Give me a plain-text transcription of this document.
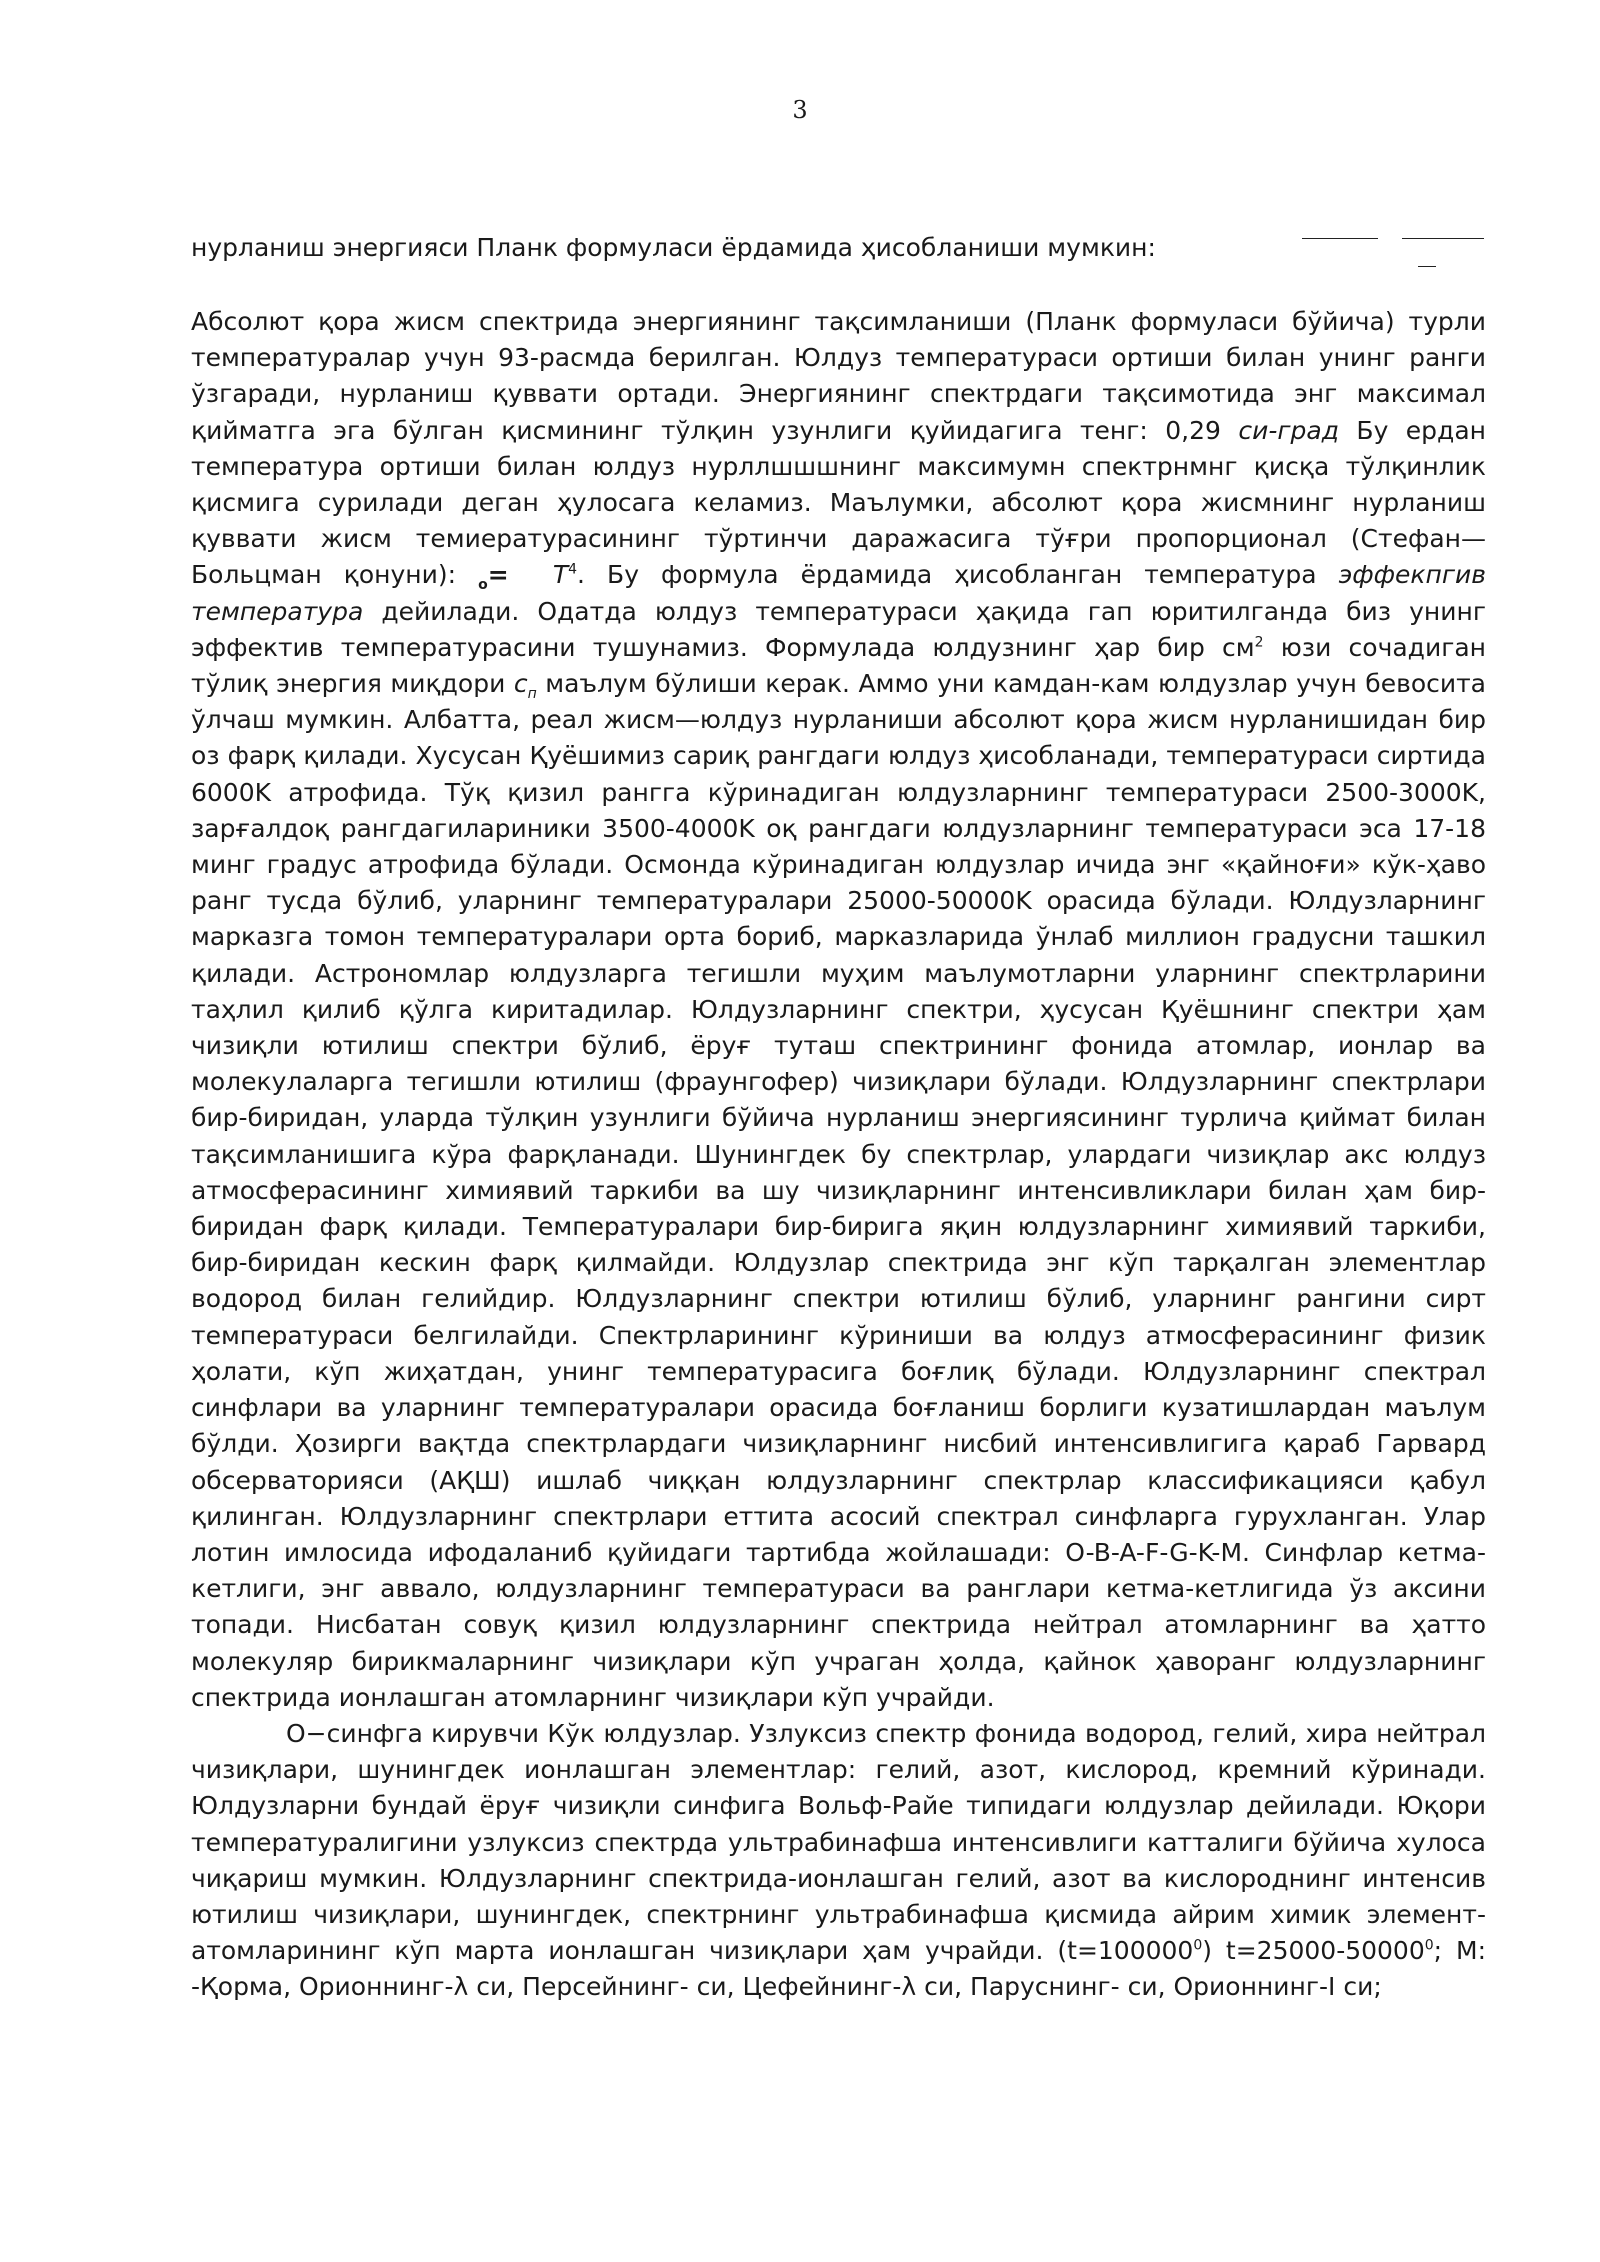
3
нурланиш энергияси Планк формуласи ёрдамида ҳисобланиши мумкин:

Абсолют қора жисм спектрида энергиянинг тақсимланиши (Планк формуласи бўйича) турли температуралар учун 93-расмда берилган. Юлдуз температураси ортиши билан унинг ранги ўзгаради, нурланиш қуввати ортади. Энергиянинг спектрдаги тақсимотида энг максимал қийматга эга бўлган қисмининг тўлқин узунлиги қуйидагига тенг: 0,29 си-град Бу ердан температура ортиши билан юлдуз нурллшшшнинг максимумн спектрнмнг қисқа тўлқинлик қисмига сурилади деган ҳулосага келамиз. Маълумки, абсолют қора жисмнинг нурланиш қуввати жисм темиературасининг тўртинчи даражасига тўғри пропорционал (Стефан—Больцман қонуни): $_о= T^4$. Бу формула ёрдамида ҳисобланган температура эффекпгив температура дейилади. Одатда юлдуз температураси ҳақида гап юритилганда биз унинг эффектив температурасини тушунамиз. Формулада юлдузнинг ҳар бир $см^2$ юзи сочадиган тўлиқ энергия миқдори $с_п$ маълум бўлиши керак. Аммо уни камдан-кам юлдузлар учун бевосита ўлчаш мумкин. Албатта, реал жисм—юлдуз нурланиши абсолют қора жисм нурланишидан бир оз фарқ қилади. Хусусан Қуёшимиз сариқ рангдаги юлдуз ҳисобланади, температураси сиртида 6000K атрофида. Тўқ қизил рангга кўринадиган юлдузларнинг температураси 2500-3000K, зарғалдоқ рангдагилариники 3500-4000K оқ рангдаги юлдузларнинг температураси эса 17-18 минг градус атрофида бўлади. Осмонда кўринадиган юлдузлар ичида энг «қайноғи» кўк-ҳаво ранг тусда бўлиб, уларнинг температуралари 25000-50000K орасида бўлади. Юлдузларнинг марказга томон температуралари орта бориб, марказларида ўнлаб миллион градусни ташкил қилади. Астрономлар юлдузларга тегишли муҳим маълумотларни уларнинг спектрларини таҳлил қилиб қўлга киритадилар. Юлдузларнинг спектри, ҳусусан Қуёшнинг спектри ҳам чизиқли ютилиш спектри бўлиб, ёруғ туташ спектрининг фонида атомлар, ионлар ва молекулаларга тегишли ютилиш (фраунгофер) чизиқлари бўлади. Юлдузларнинг спектрлари бир-биридан, уларда тўлқин узунлиги бўйича нурланиш энергиясининг турлича қиймат билан тақсимланишига кўра фарқланади. Шунингдек бу спектрлар, улардаги чизиқлар акс юлдуз атмосферасининг химиявий таркиби ва шу чизиқларнинг интенсивликлари билан ҳам бир-биридан фарқ қилади. Температуралари бир-бирига яқин юлдузларнинг химиявий таркиби, бир-биридан кескин фарқ қилмайди. Юлдузлар спектрида энг кўп тарқалган элементлар водород билан гелийдир. Юлдузларнинг спектри ютилиш бўлиб, уларнинг рангини сирт температураси белгилайди. Спектрларининг кўриниши ва юлдуз атмосферасининг физик ҳолати, кўп жиҳатдан, унинг температурасига боғлиқ бўлади. Юлдузларнинг спектрал синфлари ва уларнинг температуралари орасида боғланиш борлиги кузатишлардан маълум бўлди. Ҳозирги вақтда спектрлардаги чизиқларнинг нисбий интенсивлигига қараб Гарвард обсерваторияси (АҚШ) ишлаб чиққан юлдузларнинг спектрлар классификацияси қабул қилинган. Юлдузларнинг спектрлари еттита асосий спектрал синфларга гурухланган. Улар лотин имлосида ифодаланиб қуйидаги тартибда жойлашади: O-B-A-F-G-K-M. Синфлар кетма-кетлиги, энг аввало, юлдузларнинг температураси ва ранглари кетма-кетлигида ўз аксини топади. Нисбатан совуқ қизил юлдузларнинг спектрида нейтрал атомларнинг ва ҳатто молекуляр бирикмаларнинг чизиқлари кўп учраган ҳолда, қайнок ҳаворанг юлдузларнинг спектрида ионлашган атомларнинг чизиқлари кўп учрайди.

O−синфга кирувчи Кўк юлдузлар. Узлуксиз спектр фонида водород, гелий, хира нейтрал чизиқлари, шунингдек ионлашган элементлар: гелий, азот, кислород, кремний кўринади. Юлдузларни бундай ёруғ чизиқли синфига Вольф-Райе типидаги юлдузлар дейилади. Юқори температуралигини узлуксиз спектрда ультрабинафша интенсивлиги катталиги бўйича хулоса чиқариш мумкин. Юлдузларнинг спектрида-ионлашган гелий, азот ва кислороднинг интенсив ютилиш чизиқлари, шунингдек, спектрнинг ультрабинафша қисмида айрим химик элемент-атомларининг кўп марта ионлашган чизиқлари ҳам учрайди. $(t=100000^0)$ $t=25000-50000^0$; M: -Қорма, Орионнинг-λ си, Персейнинг- си, Цефейнинг-λ си, Паруснинг- си, Орионнинг-I си;
